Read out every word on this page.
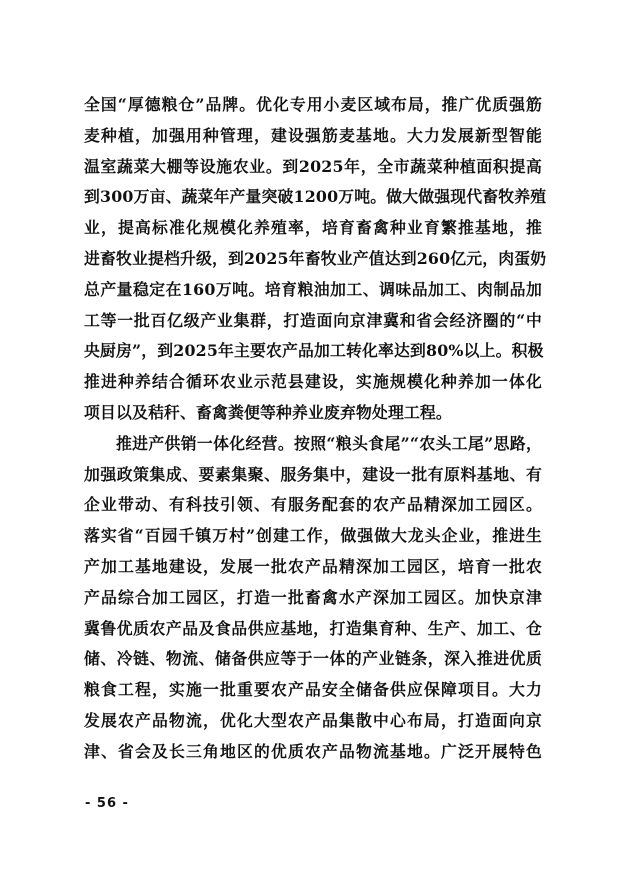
全国“厚德粮仓”品牌。优化专用小麦区域布局，推广优质强筋
麦种植，加强用种管理，建设强筋麦基地。大力发展新型智能
温室蔬菜大棚等设施农业。到2025年，全市蔬菜种植面积提高
到300万亩、蔬菜年产量突破1200万吨。做大做强现代畜牧养殖
业，提高标准化规模化养殖率，培育畜禽种业育繁推基地，推
进畜牧业提档升级，到2025年畜牧业产值达到260亿元，肉蛋奶
总产量稳定在160万吨。培育粮油加工、调味品加工、肉制品加
工等一批百亿级产业集群，打造面向京津冀和省会经济圈的“中
央厨房”，到2025年主要农产品加工转化率达到80%以上。积极
推进种养结合循环农业示范县建设，实施规模化种养加一体化
项目以及秸秆、畜禽粪便等种养业废弃物处理工程。
推进产供销一体化经营。按照“粮头食尾”“农头工尾”思路，
加强政策集成、要素集聚、服务集中，建设一批有原料基地、有
企业带动、有科技引领、有服务配套的农产品精深加工园区。
落实省“百园千镇万村”创建工作，做强做大龙头企业，推进生
产加工基地建设，发展一批农产品精深加工园区，培育一批农
产品综合加工园区，打造一批畜禽水产深加工园区。加快京津
冀鲁优质农产品及食品供应基地，打造集育种、生产、加工、仓
储、冷链、物流、储备供应等于一体的产业链条，深入推进优质
粮食工程，实施一批重要农产品安全储备供应保障项目。大力
发展农产品物流，优化大型农产品集散中心布局，打造面向京
津、省会及长三角地区的优质农产品物流基地。广泛开展特色
- 56 -
